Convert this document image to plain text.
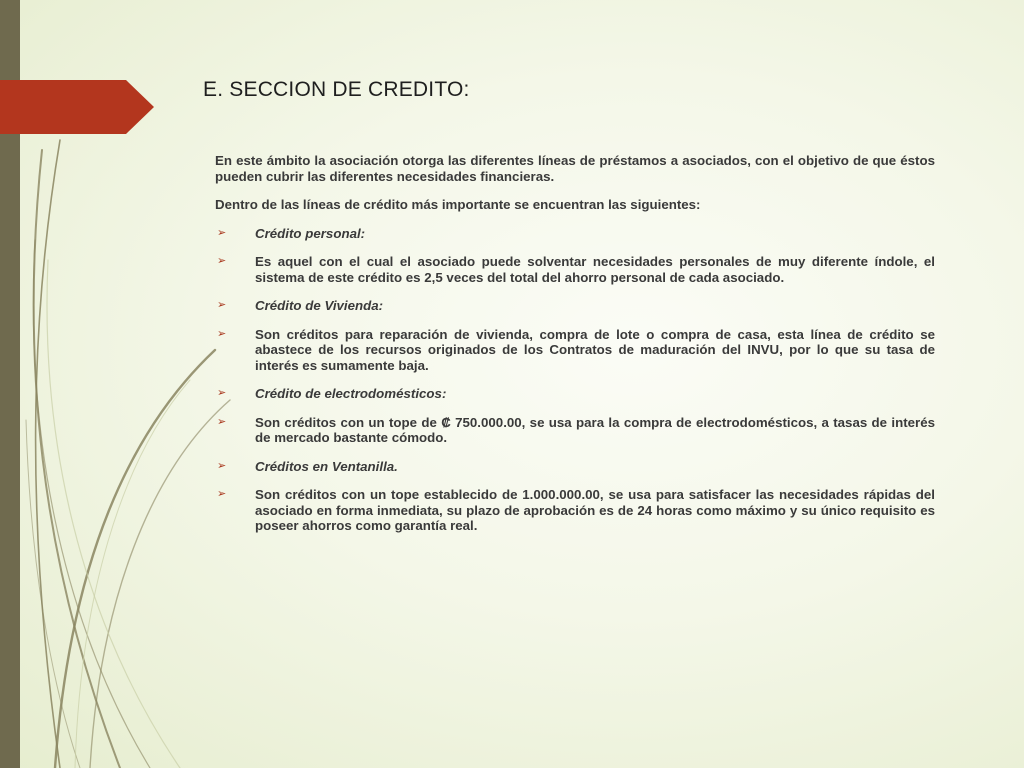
E. SECCION DE CREDITO:

En este ámbito la asociación otorga las diferentes líneas de préstamos a asociados, con el objetivo de que éstos pueden cubrir las diferentes necesidades financieras.

Dentro de las líneas de crédito más importante se encuentran las siguientes:

➢ Crédito personal:
➢ Es aquel con el cual el asociado puede solventar necesidades personales de muy diferente índole, el sistema de este crédito es 2,5 veces del total del ahorro personal de cada asociado.
➢ Crédito de Vivienda:
➢ Son créditos para reparación de vivienda, compra de lote o compra de casa, esta línea de crédito se abastece de los recursos originados de los Contratos de maduración del INVU, por lo que su tasa de interés es sumamente baja.
➢ Crédito de electrodomésticos:
➢ Son créditos con un tope de ₡ 750.000.00, se usa para la compra de electrodomésticos, a tasas de interés de mercado bastante cómodo.
➢ Créditos en Ventanilla.
➢ Son créditos con un tope establecido de 1.000.000.00, se usa para satisfacer las necesidades rápidas del asociado en forma inmediata, su plazo de aprobación es de 24 horas como máximo y su único requisito es poseer ahorros como garantía real.
